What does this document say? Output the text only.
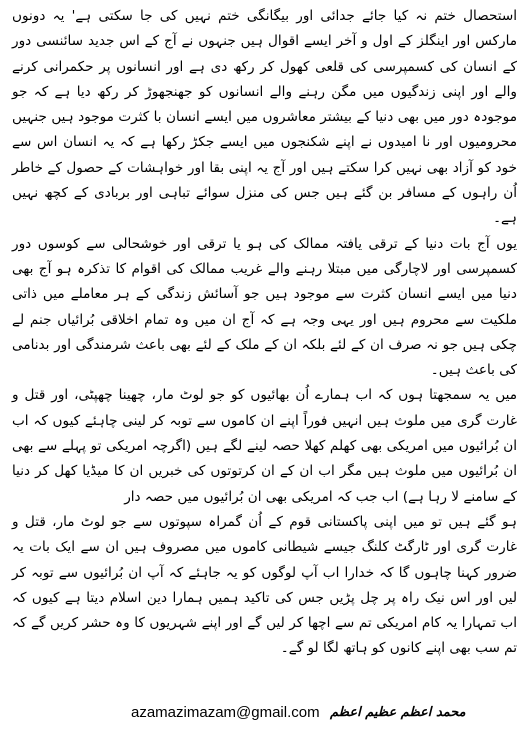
استحصال ختم نہ کیا جائے جدائی اور بیگانگی ختم نہیں کی جا سکتی ہے' یہ دونوں مارکس اور اینگلز کے اول و آخر ایسے اقوال ہیں جنہوں نے آج کے اس جدید سائنسی دور کے انسان کی کسمپرسی کی قلعی کھول کر رکھ دی ہے اور انسانوں پر حکمرانی کرنے والے اور اپنی زندگیوں میں مگن رہنے والے انسانوں کو جھنجھوڑ کر رکھ دیا ہے کہ جو موجودہ دور میں بھی دنیا کے بیشتر معاشروں میں ایسے انسان با کثرت موجود ہیں جنہیں محرومیوں اور نا امیدوں نے اپنے شکنجوں میں ایسے جکڑ رکھا ہے کہ یہ انسان اس سے خود کو آزاد بھی نہیں کرا سکتے ہیں اور آج یہ اپنی بقا اور خواہشات کے حصول کے خاطر اُن راہوں کے مسافر بن گئے ہیں جس کی منزل سوائے تباہی اور بربادی کے کچھ نہیں ہے۔

یوں آج بات دنیا کے ترقی یافتہ ممالک کی ہو یا ترقی اور خوشحالی سے کوسوں دور کسمپرسی اور لاچارگی میں مبتلا رہنے والے غریب ممالک کی اقوام کا تذکرہ ہو آج بھی دنیا میں ایسے انسان کثرت سے موجود ہیں جو آسائش زندگی کے ہر معاملے میں ذاتی ملکیت سے محروم ہیں اور یہی وجہ ہے کہ آج ان میں وہ تمام اخلاقی بُرائیاں جنم لے چکی ہیں جو نہ صرف ان کے لئے بلکہ ان کے ملک کے لئے بھی باعث شرمندگی اور بدنامی کی باعث ہیں۔

میں یہ سمجھتا ہوں کہ اب ہمارے اُن بھائیوں کو جو لوٹ مار، چھینا چھپٹی، اور قتل و غارت گری میں ملوث ہیں انہیں فوراً اپنے ان کاموں سے توبہ کر لینی چاہئے کیوں کہ اب ان بُرائیوں میں امریکی بھی کھلم کھلا حصہ لینے لگے ہیں (اگرچہ امریکی تو پہلے سے بھی ان بُرائیوں میں ملوث ہیں مگر اب ان کے ان کرتوتوں کی خبریں ان کا میڈیا کھل کر دنیا کے سامنے لا رہا ہے) اب جب کہ امریکی بھی ان بُرائیوں میں حصہ دار

ہو گئے ہیں تو میں اپنی پاکستانی قوم کے اُن گمراہ سپوتوں سے جو لوٹ مار، قتل و غارت گری اور ٹارگٹ کلنگ جیسے شیطانی کاموں میں مصروف ہیں ان سے ایک بات یہ ضرور کہنا چاہوں گا کہ خدارا اب آپ لوگوں کو یہ جاہئے کہ آپ ان بُرائیوں سے توبہ کر لیں اور اس نیک راہ پر چل پڑیں جس کی تاکید ہمیں ہمارا دین اسلام دیتا ہے کیوں کہ اب تمہارا یہ کام امریکی تم سے اچھا کر لیں گے اور اپنے شہریوں کا وہ حشر کریں گے کہ تم سب بھی اپنے کانوں کو ہاتھ لگا لو گے۔

azamazimazam@gmail.com محمد اعظم عظیم اعظم
